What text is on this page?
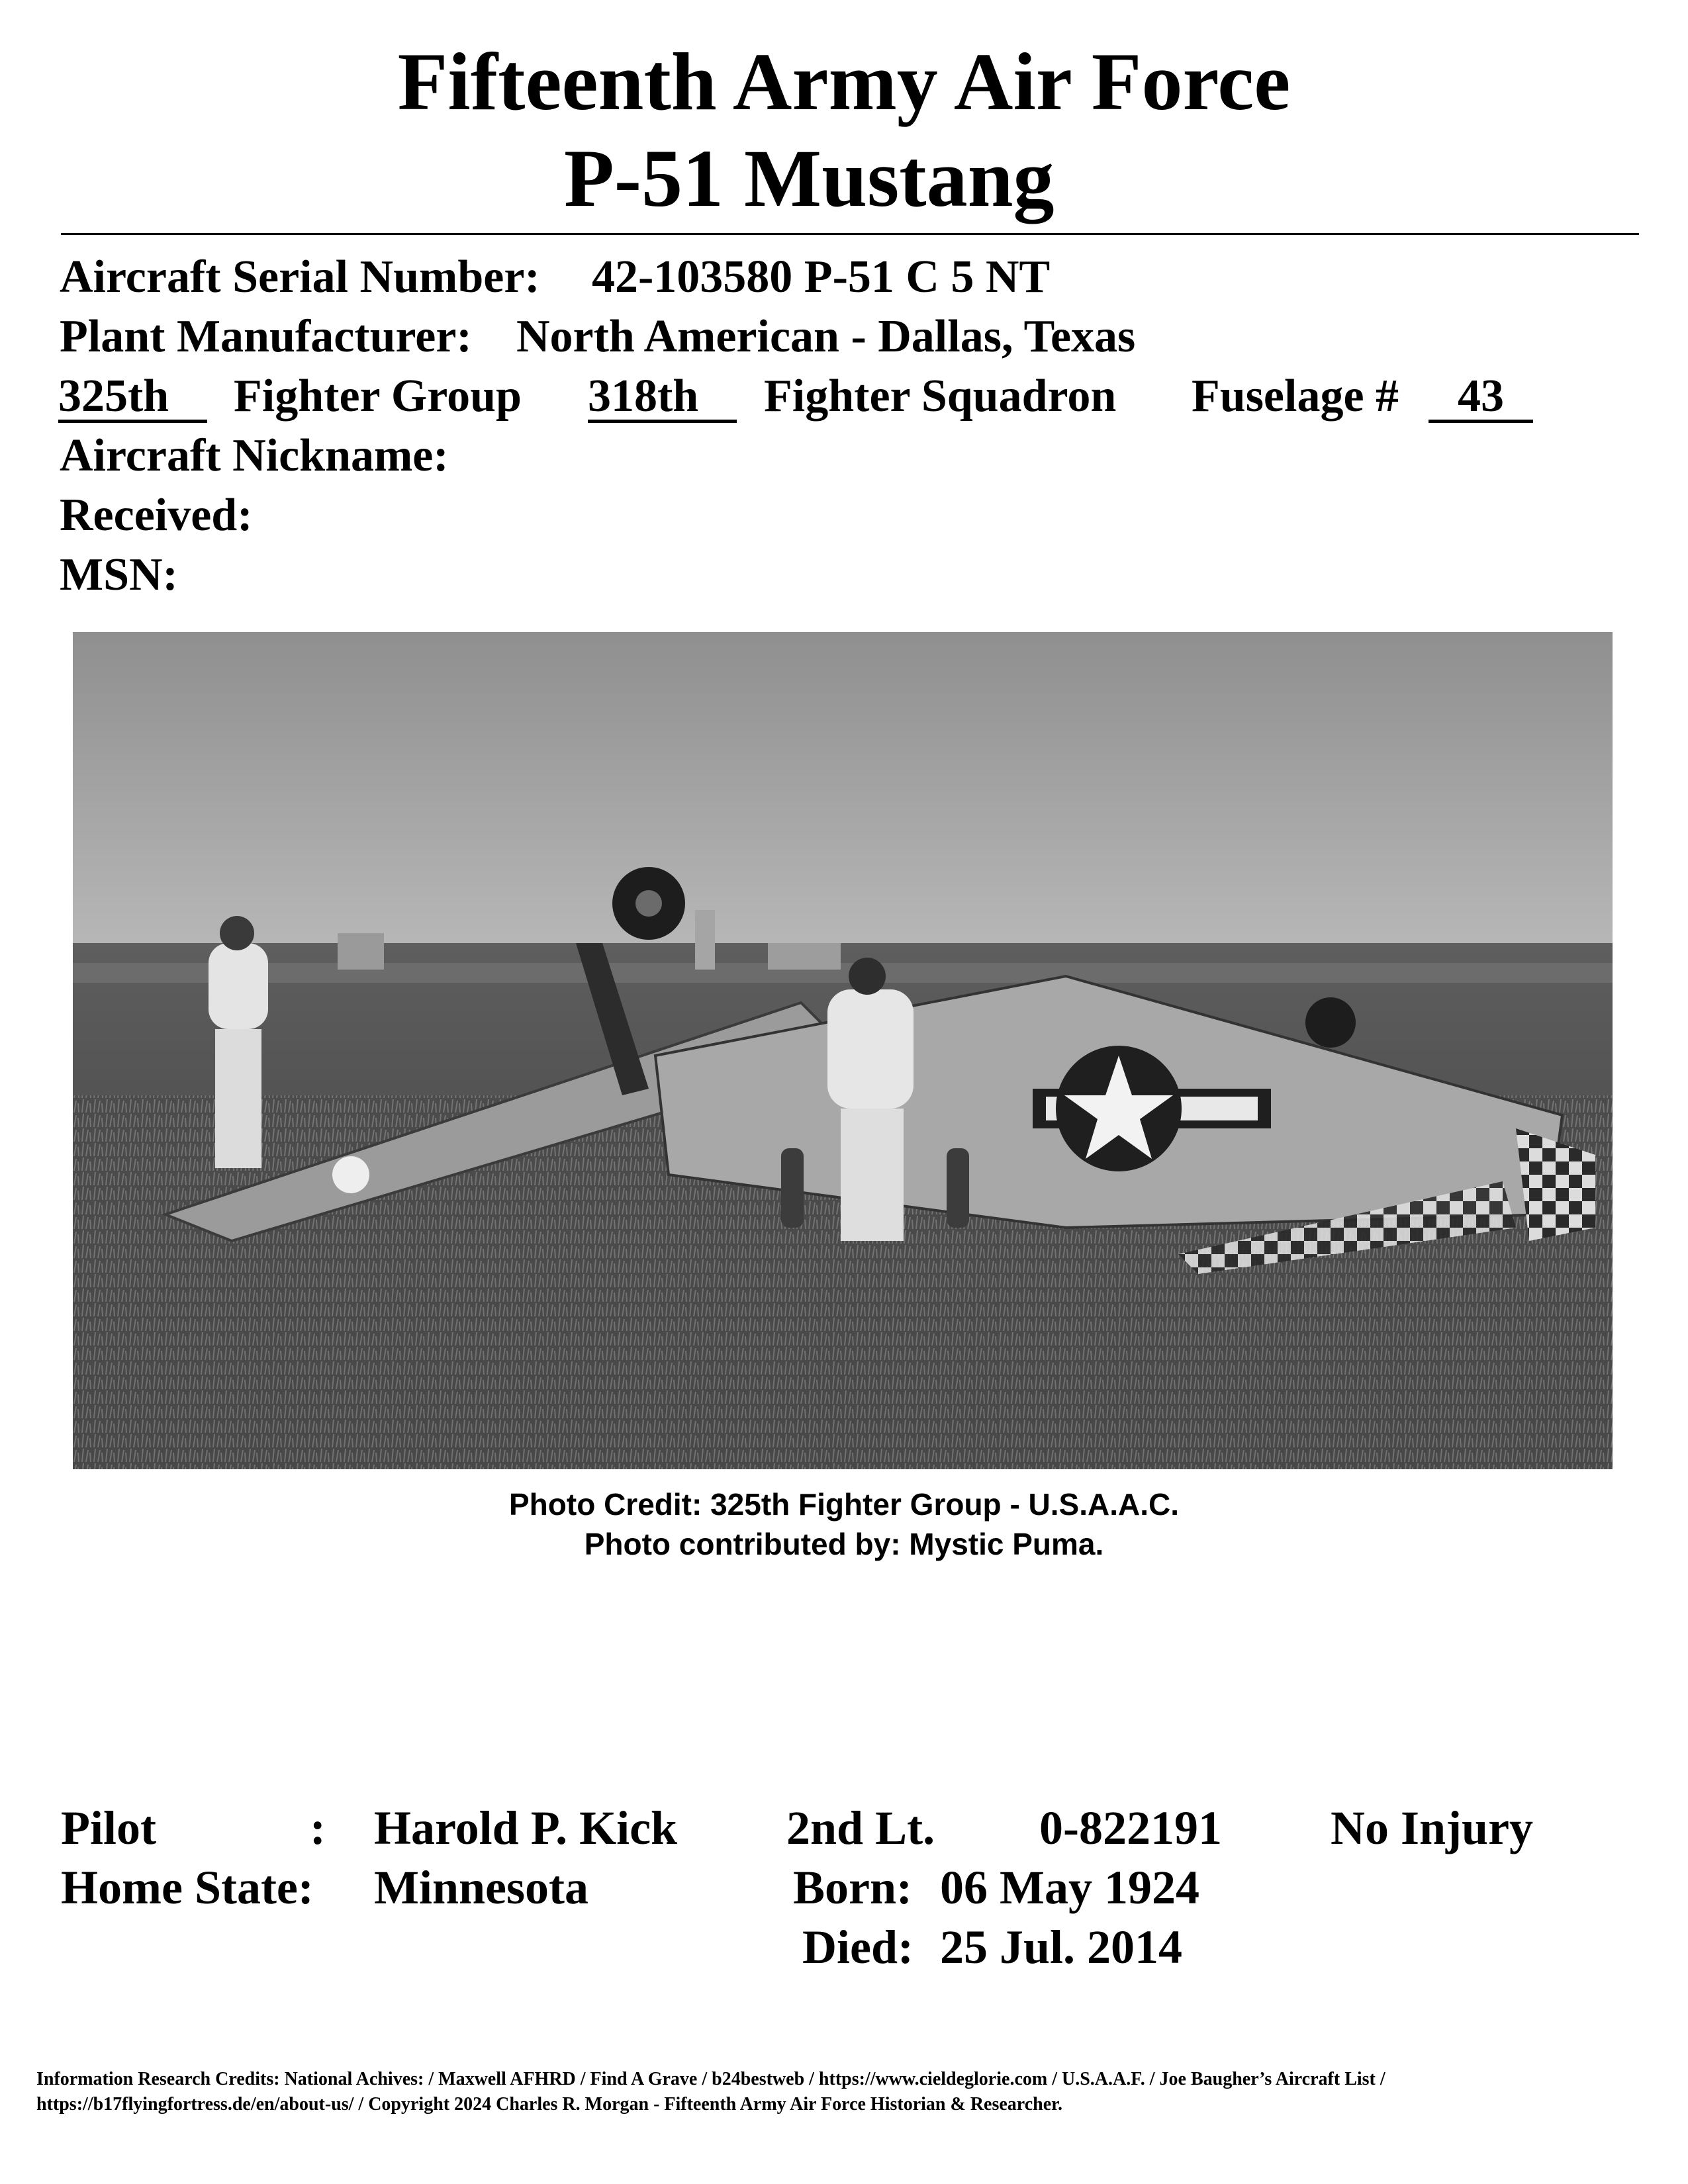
Fifteenth Army Air Force
P-51 Mustang
Aircraft Serial Number: 42-103580 P-51 C 5 NT
Plant Manufacturer: North American - Dallas, Texas
325th	Fighter Group 318th	Fighter Squadron Fuselage #	43
Aircraft Nickname:
Received:
MSN:
Photo Credit: 325th Fighter Group - U.S.A.A.C.
Photo contributed by: Mystic Puma.
Pilot	: Harold P. Kick 2nd Lt. 0-822191 No Injury
Home State: Minnesota	Born: 06 May 1924
Died: 25 Jul. 2014
Information Research Credits: National Achives: / Maxwell AFHRD / Find A Grave / b24bestweb / https://www.cieldeglorie.com / U.S.A.A.F. / Joe Baugher’s Aircraft List /
https://b17flyingfortress.de/en/about-us/ / Copyright 2024 Charles R. Morgan - Fifteenth Army Air Force Historian & Researcher.
